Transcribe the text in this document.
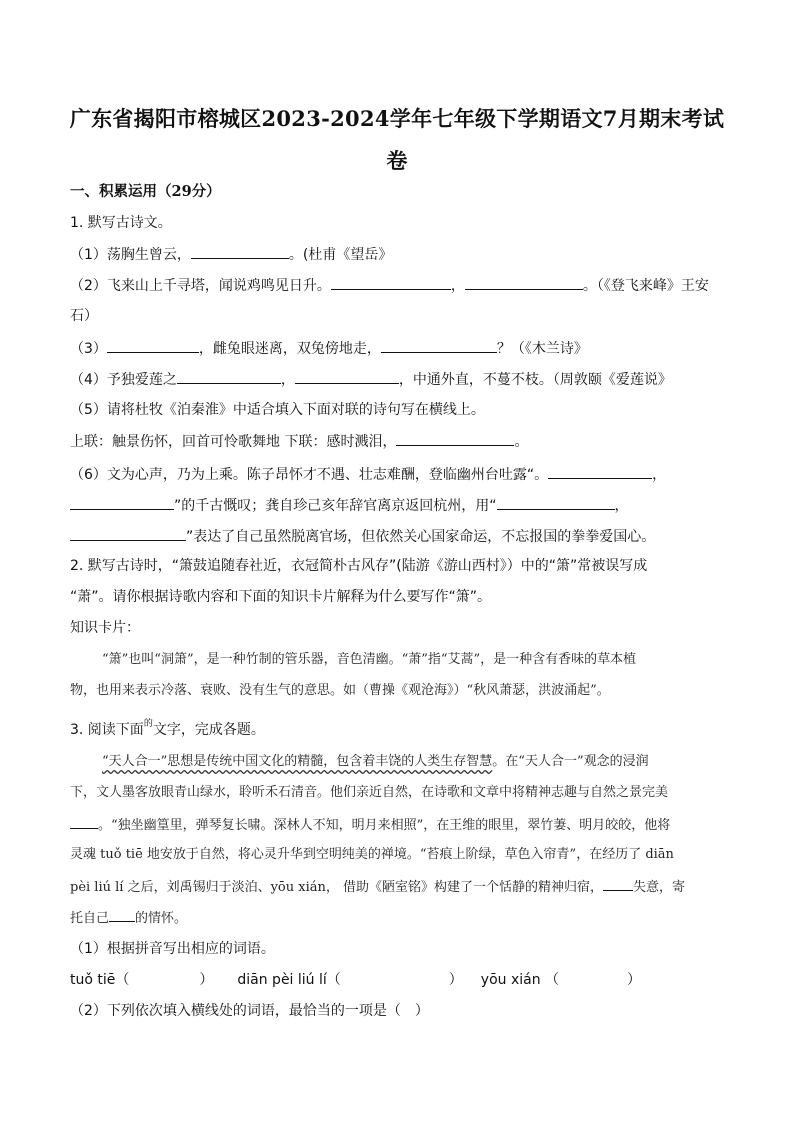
广东省揭阳市榕城区2023-2024学年七年级下学期语文7月期末考试
卷
一、积累运用（29分）
1. 默写古诗文。
（1）荡胸生曾云，	。(杜甫《望岳》
（2）飞来山上千寻塔，闻说鸡鸣见日升。	，	。（《登飞来峰》王安
石）
（3）	，雌兔眼迷离，双兔傍地走，	？（《木兰诗》
（4）予独爱莲之	，	，中通外直，不蔓不枝。（周敦颐《爱莲说》
（5）请将杜牧《泊秦淮》中适合填入下面对联的诗句写在横线上。
上联：触景伤怀，回首可怜歌舞地 下联：感时溅泪，	。
（6）文为心声，乃为上乘。陈子昂怀才不遇、壮志难酬，登临幽州台吐露“。	，
”的千古慨叹；龚自珍己亥年辞官离京返回杭州，用“	，
”表达了自己虽然脱离官场，但依然关心国家命运，不忘报国的拳拳爱国心。
2. 默写古诗时，“箫鼓追随春社近，衣冠简朴古风存”(陆游《游山西村》）中的“箫”常被误写成
“萧”。请你根据诗歌内容和下面的知识卡片解释为什么要写作“箫”。
知识卡片：
“箫”也叫“洞箫”，是一种竹制的管乐器，音色清幽。“萧”指“艾蒿”，是一种含有香味的草本植
物，也用来表示冷落、衰败、没有生气的意思。如（曹操《观沧海》）“秋风萧瑟，洪波涌起”。
3. 阅读下面$^的$文字，完成各题。
“天人合一”思想是传统中国文化的精髓，包含着丰饶的人类生存智慧。在“天人合一”观念的浸润
下，文人墨客放眼青山绿水，聆听禾石清音。他们亲近自然，在诗歌和文章中将精神志趣与自然之景完美
。“独坐幽篁里，弹琴复长啸。深林人不知，明月来相照”，在王维的眼里，翠竹萋、明月皎皎，他将
灵魂 tuǒ tiē 地安放于自然，将心灵升华到空明纯美的禅境。“苔痕上阶绿，草色入帘青”，在经历了 diān
pèi liú lí 之后，刘禹锡归于淡泊、yōu xián， 借助《陋室铭》构建了一个恬静的精神归宿， 失意，寄
托自己 的情怀。
（1）根据拼音写出相应的词语。
tuǒ tiē（	） diān pèi liú lí（	） yōu xián （	）
（2）下列依次填入横线处的词语，最恰当的一项是（　）
